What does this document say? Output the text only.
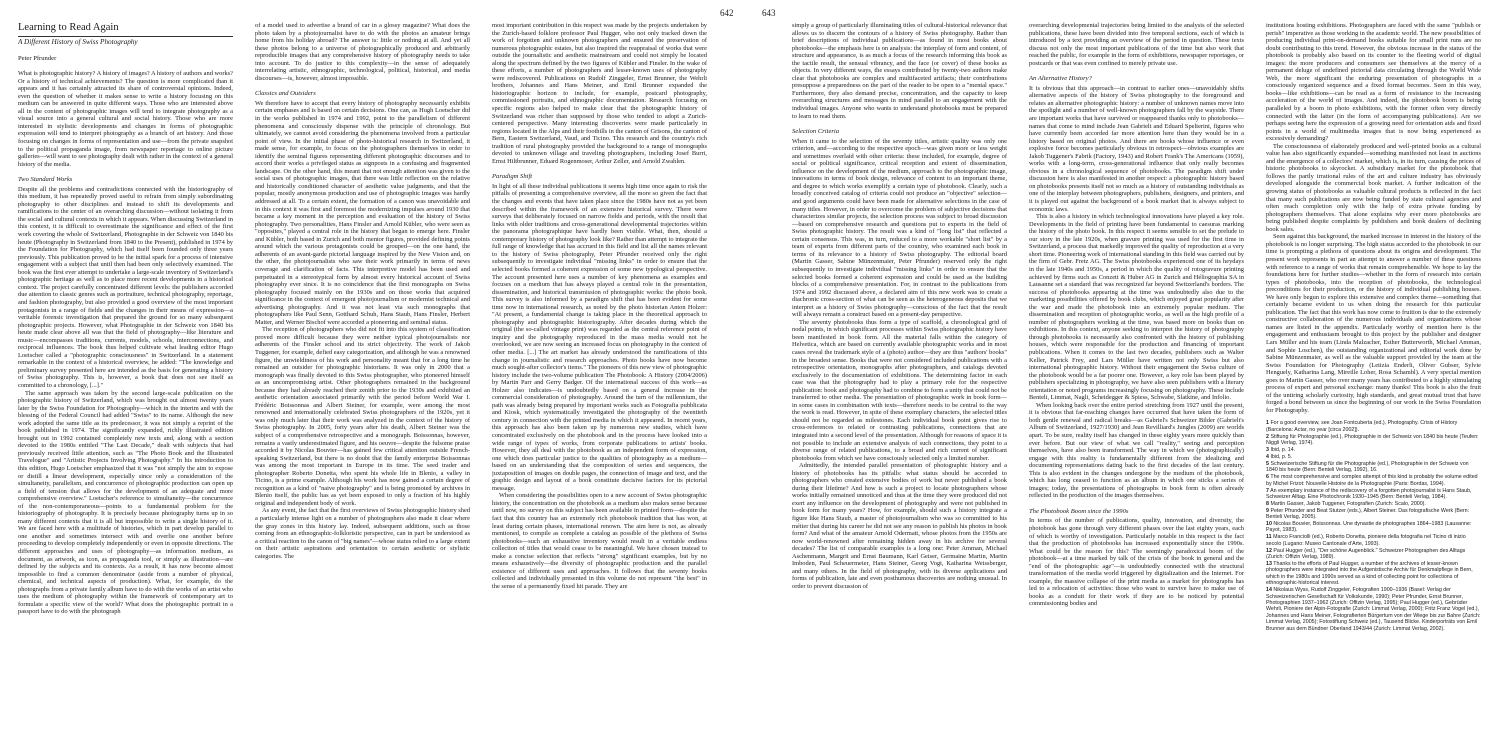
Learning to Read Again
A Different History of Swiss Photography
Peter Pfrunder

What is photographic history? A history of images? A history of authors and works? Or a history of technical achievements? The question is more complicated than it appears and it has certainly attracted its share of controversial opinions. Indeed, even the question of whether it makes sense to write a history focusing on this medium can be answered in quite different ways. Those who are interested above all in the content of photographic images will tend to integrate photography as a visual source into a general cultural and social history. Those who are more interested in stylistic developments and changes in forms of photographic expression will tend to interpret photography as a branch of art history. And those focusing on changes in forms of representation and use—from the private snapshot to the political propaganda image, from newspaper reportage to online picture galleries—will want to see photography dealt with rather in the context of a general history of the media.

Two Standard Works

Despite all the problems and contradictions connected with the historiography of this medium, it has repeatedly proved useful to refrain from simply subordinating photography to other disciplines and instead to shift its developments and ramifications to the center of an overarching discussion—without isolating it from the social and cultural contexts in which it appears. When discussing Switzerland in this context, it is difficult to overestimate the significance and effect of the first work covering the whole of Switzerland, Photographie in der Schweiz von 1840 bis heute (Photography in Switzerland from 1840 to the Present), published in 1974 by the Foundation for Photography, which had itself been founded only three years previously. This publication proved to be the initial spark for a process of intensive engagement with a subject that until then had been only selectively examined. The book was the first ever attempt to undertake a large-scale inventory of Switzerland's photographic heritage as well as to place more recent developments in a historical context. The project carefully concentrated different levels: the publishers accorded due attention to classic genres such as portraiture, technical photography, reportage, and fashion photography, but also provided a good overview of the most important protagonists in a range of fields and the changes in their means of expression—a veritable forensic investigation that prepared the ground for so many subsequent photographic projects. However, what Photographie in der Schweiz von 1840 bis heute made clear above all was that the field of photography—like literature and music—encompasses traditions, currents, models, schools, interconnections, and reciprocal influences. The book thus helped cultivate what leading editor Hugo Loetscher called a "photographic consciousness" in Switzerland. In a statement remarkable in the context of a historical overview, he added: "The knowledge and preliminary survey presented here are intended as the basis for generating a history of Swiss photography. This is, however, a book that does not see itself as committed to a chronology, [...]."

The same approach was taken by the second large-scale publication on the photographic history of Switzerland, which was brought out almost twenty years later by the Swiss Foundation for Photography—which in the interim and with the blessing of the Federal Council had added "Swiss" to its name. Although the new work adopted the same title as its predecessor, it was not simply a reprint of the book published in 1974. The significantly expanded, richly illustrated edition brought out in 1992 contained completely new texts and, along with a section devoted to the 1980s entitled "The Last Decade," dealt with subjects that had previously received little attention, such as "The Photo Book and the Illustrated Travelogue" and "Artistic Projects Involving Photography." In his introduction to this edition, Hugo Loetscher emphasized that it was "not simply the aim to expose or distill a linear development, especially since only a consideration of the simultaneity, parallelism, and concurrence of photographic production can open up a field of tension that allows for the development of an adequate and more comprehensive overview." Loetscher's reference to simultaneity—the concurrence of the non-contemporaneous—points to a fundamental problem for the historiography of photography. It is precisely because photography turns up in so many different contexts that it is all but impossible to write a single history of it. We are faced here with a multitude of histories, which in part develop parallel to one another and sometimes intersect with and overlie one another before proceeding to develop completely independently or even in opposite directions. The different approaches and uses of photography—as information medium, as document, as artwork, as icon, as propaganda tool, or simply as illustration—are defined by the subjects and its contexts. As a result, it has now become almost impossible to find a common denominator (aside from a number of physical, chemical, and technical aspects of production). What, for example, do the photographs from a private family album have to do with the works of an artist who uses the medium of photography within the framework of contemporary art to formulate a specific view of the world? What does the photographic portrait in a passport have to do with the photograph

of a model used to advertise a brand of car in a glossy magazine? What does the photo taken by a photojournalist have to do with the photos an amateur brings home from his holiday abroad? The answer is: little or nothing at all. And yet all these photos belong to a universe of photographically produced and arbitrarily reproducible images that any comprehensive history of photography needs to take into account. To do justice to this complexity—in the sense of adequately interrelating artistic, ethnographic, technological, political, historical, and media discourses—is, however, almost impossible.

Classics and Outsiders

We therefore have to accept that every history of photography necessarily exhibits certain emphases and is based on certain decisions. One can, as Hugh Loetscher did in the works published in 1974 and 1992, point to the parallelism of different phenomena and consciously dispense with the principle of chronology. But ultimately, we cannot avoid considering the phenomena involved from a particular point of view. In the initial phase of photo-historical research in Switzerland, it made sense, for example, to focus on the photographers themselves in order to identify the seminal figures representing different photographic discourses and to accord their works a privileged status as signposts in a confusing and fragmented landscape. On the other hand, this meant that not enough attention was given to the social uses of photographic images, that there was little reflection on the relative and historically conditioned character of aesthetic value judgments, and that the popular, mostly anonymous production and use of photographic images was hardly addressed at all. To a certain extent, the formation of a canon was unavoidable and in this context it was first and foremost the modernizing impulses around 1930 that became a key moment in the perception and evaluation of the history of Swiss photography. Two personalities, Hans Finsler and Arnold Kübler, who were seen as "opposites," played a central role in the history that began to emerge here. Finsler and Kübler, both based in Zurich and both mentor figures, provided defining points around which the various protagonists could be grouped—on the one hand, the adherents of an avant-garde pictorial language inspired by the New Vision and, on the other, the photojournalists who saw their work primarily in terms of news coverage and clarification of facts. This interpretive model has been used and perpetuated in a stereotypical form by almost every historical account of Swiss photography ever since. It is no coincidence that the first monographs on Swiss photography focused mainly on the 1930s and on those works that acquired significance in the context of emergent photojournalism or modernist technical and advertising photography. And it was not least via such monographs that photographers like Paul Senn, Gotthard Schuh, Hans Staub, Hans Finsler, Herbert Matter, and Werner Bischof were accorded a pioneering and seminal status.

The reception of photographers who did not fit into this system of classification proved more difficult because they were neither typical photojournalists nor adherents of the Finsler school and its strict objectivity. The work of Jakob Tuggener, for example, defied easy categorization, and although he was a renowned figure, the unwieldiness of his work and personality meant that for a long time he remained an outsider for photographic historians. It was only in 2000 that a monograph was finally devoted to this Swiss photographer, who pioneered himself as an uncompromising artist. Other photographers remained in the background because they had already reached their zenith prior to the 1930s and exhibited an aesthetic orientation associated primarily with the period before World War I. Frédéric Boissonnas and Albert Steiner, for example, were among the most renowned and internationally celebrated Swiss photographers of the 1920s, yet it was only much later that their work was analyzed in the context of the history of Swiss photography. In 2005, forty years after his death, Albert Steiner was the subject of a comprehensive retrospective and a monograph. Boissonnas, however, remains a vastly underestimated figure, and his oeuvre—despite the fulsome praise accorded it by Nicolas Bouvier—has gained few critical attention outside French-speaking Switzerland, but there is no doubt that the family enterprise Boissonnas was among the most important in Europe in its time. The seed trader and photographer Roberto Donetta, who spent his whole life in Blenio, a valley in Ticino, is a prime example. Although his work has now gained a certain degree of recognition as a kind of "naive photography" and is being promoted by archives in Blenio itself, the public has as yet been exposed to only a fraction of his highly original and independent body of work.

As any event, the fact that the first overviews of Swiss photographic history shed a particularly intense light on a number of photographers also made it clear where the gray zones in this history lay. Indeed, subsequent additions, such as those coming from an ethnographic-folkloristic perspective, can in part be understood as a critical reaction to the canon of "big names"—whose status relied to a large extent on their artistic aspirations and orientation to certain aesthetic or stylistic categories. The

most important contribution in this respect was made by the projects undertaken by the Zurich-based folklore professor Paul Hugger, who not only tracked down the work of forgotten and unknown photographers and ensured the preservation of numerous photographic estates, but also inspired the reappraisal of works that were outside the journalistic and aesthetic mainstream and could not simply be located along the spectrum defined by the two figures of Kübler and Finsler. In the wake of these efforts, a number of photographers and lesser-known uses of photography were rediscovered. Publications on Rudolf Zinggeler, Ernst Brunner, the Wehrli brothers, Johannes and Hans Meiner, and Emil Brunner expanded the historiographic horizon to include, for example, postcard photography, commissioned portraits, and ethnographic documentation. Research focusing on specific regions also helped to make clear that the photographic history of Switzerland was richer than supposed by those who tended to adopt a Zurich-centered perspective. Many interesting discoveries were made particularly in regions located in the Alps and their foothills in the canton of Grisons, the canton of Bern, Eastern Switzerland, Vaud, and Ticino. This research and the country's rich tradition of rural photography provided the background to a range of monographs devoted to unknown village and traveling photographers, including Josef Burri, Ernst Hiltbrunner, Eduard Rogenmoser, Arthur Zeller, and Arnold Zwahlen.

Paradigm Shift

In light of all these individual publications it seems high time once again to risk the pitfalls of presenting a comprehensive overview, all the more so given the fact that the changes and events that have taken place since the 1980s have not as yet been described within the framework of an extensive historical survey. There were surveys that deliberately focused on narrow fields and periods, with the result that links with older traditions and cross-generational developmental trajectories within the panorama photographique have hardly been visible. What, then, should a contemporary history of photography look like? Rather than attempt to integrate the full range of knowledge that has accrued in this field and list all the names relevant to the history of Swiss photography, Peter Pfrunder received only the right subsequently to investigate individual "missing links" in order to ensure that the selected books formed a coherent expression of some new typological perspective. The account presented here uses a number of key phenomena as examples and focuses on a medium that has always played a central role in the presentation, dissemination, and historical transmission of photographic works: the photo book. This survey is also informed by a paradigm shift that has been evident for some time now in international research, as noted by the photo historian Anton Holzer: "At present, a fundamental change is taking place in the theoretical approach to photography and photographic historiography. After decades during which the original (the so-called vintage print) was regarded as the central reference point of inquiry and the photography reproduced in the mass media would not be overlooked, we are now seeing an increased focus on photography in the context of other media. [...] The art market has already understood the ramifications of this change in journalistic and research approaches. Photo books have now become much sought-after collector's items." The pioneers of this new view of photographic history include the two-volume publication The Photobook: A History (2004/2006) by Martin Parr and Gerry Badger. Of the international success of this work—as Holzer also indicates—is undoubtedly based on a general increase in the commercial consideration of photography. Around the turn of the millennium, the path was already being prepared by important works such as Fotografia pubblicata and Kiosk, which systematically investigated the photography of the twentieth century in connection with the printed media in which it appeared. In recent years, this approach has also been taken up by numerous new studies, which have concentrated exclusively on the photobook and in the process have looked into a wide range of types of works, from corporate publications to artists' books. However, they all deal with the photobook as an independent form of expression, one which does particular justice to the qualities of photography as a medium—based on an understanding that the composition of series and sequences, the juxtaposition of images on double pages, the connection of image and text, and the graphic design and layout of a book constitute decisive factors for its pictorial message.

When considering the possibilities open to a new account of Swiss photographic history, the concentration on the photobook as a medium also makes sense because until now, no survey on this subject has been available in printed form—despite the fact that this country has an extremely rich photobook tradition that has won, at least during certain phases, international renown. The aim here is not, as already mentioned, to compile as complete a catalog as possible of the plethora of Swiss photobooks—such an exhaustive inventory would result in a veritable endless collection of titles that would cease to be meaningful. We have chosen instead to make a concise selection that reflects "strong" significant examples, but by no means exhaustively—the diversity of photographic production and the parallel existence of different uses and approaches. It follows that the seventy books collected and individually presented in this volume do not represent "the best" in the sense of a permanently fixed hit parade. They are

642	643

simply a group of particularly illuminating titles of cultural-historical relevance that allows us to discern the contours of a history of Swiss photography. Rather than brief descriptions of individual publications—as found in most books about photobooks—the emphasis here is on analysis: the interplay of form and content, of structure and appearance, is as much a focus of the research informing this book as the tactile result, the sensual vibrancy, and the face (or cover) of these books as objects. In very different ways, the essays contributed by twenty-two authors make clear that photobooks are complex and multifaceted artifacts; their contributions presuppose a preparedness on the part of the reader to be open to a "mental space." Furthermore, they also demand precise, concentration, and the capacity to keep overarching structures and messages in mind parallel to an engagement with the individual images. Anyone who wants to understand photobooks must be prepared to learn to read them.

Selection Criteria

When it came to the selection of the seventy titles, artistic quality was only one criterion, and—according to the respective epoch—was given more or less weight and sometimes overlaid with other criteria: these included, for example, degree of social or political significance, critical reception and extent of dissemination, influence on the development of the medium, approach to the photographic image, innovations in terms of book design, relevance of content to an important theme, and degree to which works exemplify a certain type of photobook. Clearly, such a broadly conceived catalog of criteria could not produce an "objective" selection—and good arguments could have been made for alternative selections in the case of many titles. However, in order to overcome the problem of subjective decisions that characterizes similar projects, the selection process was subject to broad discussion—based on comprehensive research and questions put to experts in the field of Swiss photographic history. The result was a kind of "long list" that reflected a certain consensus. This was, in turn, reduced to a more workable "short list" by a team of experts from different parts of the country, who examined each book in terms of its relevance to a history of Swiss photography. The editorial board (Martin Gasser, Sabine Münzenmaier, Peter Pfrunder) reserved only the right subsequently to investigate individual "missing links" in order to ensure that the selected books formed a coherent expression and could be used as the building blocks of a comprehensive presentation. For, in contrast to the publications from 1974 and 1992 discussed above, a declared aim of this new work was to create a diachronic cross-section of what can be seen as the heterogeneous deposits that we interpret as a history of Swiss photography—conscious of the fact that the result will always remain a construct based on a present-day perspective.

The seventy photobooks thus form a type of scaffold, a chronological grid of nodal points, in which significant processes within Swiss photographic history have been manifested in book form. All the material falls within the category of Helvetica, which are based on currently available photographic works and in most cases reveal the trademark style of a (photo) author—they are thus "authors' books" in the broadest sense. Books that were not considered included publications with a retrospective orientation, monographs after photographers, and catalogs devoted exclusively to the documentation of exhibitions. The determining factor in each case was that the photography had to play a primary role for the respective publication: book and photography had to combine to form a unity that could not be transferred to other media. The presentation of photographic work in book form—in some cases in combination with texts—therefore needs to be central to the way the work is read. However, in spite of these exemplary characters, the selected titles should not be regarded as milestones. Each individual book point gives rise to cross-references to related or contrasting publications, connections that are integrated into a second level of the presentation. Although for reasons of space it is not possible to include an extensive analysis of such connections, they point to a diverse range of related publications, to a broad and rich current of significant photobooks from which we have consciously selected only a limited number.

Admittedly, the intended parallel presentation of photographic history and a history of photobooks has its pitfalls: what status should be accorded to photographers who created extensive bodies of work but never published a book during their lifetime? And how is such a project to locate photographers whose works initially remained unnoticed and thus at the time they were produced did not exert any influence on the development of photography and were not published in book form for many years? How, for example, should such a history integrate a figure like Hans Staub, a master of photojournalism who was so committed to his métier that during his career he did not see any reason to publish his photos in book form? And what of the amateur Arnold Odermatt, whose photos from the 1950s are now world-renowned after remaining hidden away in his archive for several decades? The list of comparable examples is a long one: Peter Amman, Michael Aschenmann, Margrit and Ernst Baumann, Karl Geiser, Germaine Martin, Martin Imboden, Paul Scheuermeier, Hans Steiner, Georg Vogt, Katharina Weissberger, and many others. In the field of photography, with its diverse applications and forms of publication, late and even posthumous discoveries are nothing unusual. In order to prevent discussion of

overarching developmental trajectories being limited to the analysis of the selected publications, these have been divided into five temporal sections, each of which is introduced by a text providing an overview of the period in question. These texts discuss not only the most important publications of the time but also work that reached the public, for example in the form of exhibitions, newspaper reportages, or postcards or that was even confined to merely private use.

An Alternative History?

It is obvious that this approach—in contrast to earlier ones—unavoidably shifts alternative aspects of the history of Swiss photography to the foreground and relates an alternative photographic history: a number of unknown names move into the spotlight and a number of well-known photographers fall by the wayside. There are important works that have survived or reappeared thanks only to photobooks—names that come to mind include Jean Gabrielt and Eduard Spelterini, figures who have currently been accorded far more attention here than they would be in a history based on original photos. And there are books whose influence or even explosive force becomes particularly obvious in retrospect—obvious examples are Jakob Tuggener's Fabrik (Factory, 1943) and Robert Frank's The Americans (1959), works with a long-term, cross-generational influence that only really becomes obvious in a chronological sequence of photobooks. The paradigm shift under discussion here is also manifested in another respect: a photographic history based on photobooks presents itself not so much as a history of outstanding individuals as one of the interplay between photographers, publishers, designers, and printers, and it is played out against the background of a book market that is always subject to economic laws.

This is also a history in which technological innovations have played a key role. Developments in the field of printing have been fundamental to caesuras marking the history of the photo book. In this respect it seems sensible to set the prelude to our story in the late 1920s, when gravure printing was used for the first time in Switzerland, a process that markedly improved the quality of reproduction at a very short time. Pioneering work of international standing in this field was carried out by the firm of Gebr. Fretz AG. The Swiss photobooks experienced one of its heydays in the late 1940s and 1950s, a period in which the quality of rotogravure printing achieved by firms such as Conzett & Huber AG in Zurich and Héliographia SA in Lausanne set a standard that was recognized far beyond Switzerland's borders. The success of photobooks appearing at the time was undoubtedly also due to the marketing possibilities offered by book clubs, which enjoyed great popularity after the war and made the photobook into an extremely popular medium. The dissemination and reception of photographic works, as well as the high profile of a number of photographers working at the time, was based more on books than on exhibitions. In this context, anyone seeking to interpret the history of photography through photobooks is necessarily also confronted with the history of publishing houses, which were responsible for the production and financing of important publications. When it comes to the last two decades, publishers such as Walter Keller, Patrick Frey, and Lars Müller have written not only Swiss but also international photographic history. Without their engagement the Swiss culture of the photobook would be a far poorer one. However, a key role has been played by publishers specializing in photography, we have also seen publishers with a literary orientation or noted programs increasingly focusing on photography. These include Benteli, Limmat, Nagli, Scheidegger & Spiess, Schwabe, Slatkine, and Infolio.

When looking back over the entire period stretching from 1927 until the present, it is obvious that far-reaching changes have occurred that have taken the form of both gentle renewal and radical breaks—as Gabriel's Schweizer Bilder (Gabrielt's Album of Switzerland, 1927/1930) and Jean Revilliard's Jungles (2009) are worlds apart. To be sure, reality itself has changed in these eighty years more quickly than ever before. But our view of what we call "reality," seeing and perception themselves, have also been transformed. The way in which we (photographically) engage with this reality is fundamentally different from the idealizing and documenting representations dating back to the first decades of the last century. This is also evident in the changes undergone by the medium of the photobook, which has long ceased to function as an album in which one sticks a series of images; today, the presentations of photographs in book form is often already reflected in the production of the images themselves.

The Photobook Boom since the 1990s

In terms of the number of publications, quality, innovation, and diversity, the photobook has gone through very different phases over the last eighty years, each of which is worthy of investigation. Particularly notable in this respect is the fact that the production of photobooks has increased exponentially since the 1990s. What could be the reason for this? The seemingly paradoxical boom of the photobook—at a time marked by talk of the crisis of the book in general and the "end of the photographic age"—is undoubtedly connected with the structural transformation of the media world triggered by digitalization and the Internet. For example, the massive collapse of the print media as a market for photographs has led to a relocation of activities: those who want to survive have to make use of books as a conduit for their work if they are to be noticed by potential commissioning bodies and

institutions hosting exhibitions. Photographers are faced with the same "publish or perish" imperative as those working in the academic world. The new possibilities of producing individual print-on-demand books suitable for small print runs are no doubt contributing to this trend. However, the obvious increase in the status of the photobook is probably also based on its counter to the fleeting world of digital images: the more producers and consumers see themselves at the mercy of a permanent deluge of undefined pictorial data circulating through the World Wide Web, the more significant the enduring presentation of photographs in a consciously organized sequence and a fixed format becomes. Seen in this way, books—like exhibitions—can be read as a form of resistance to the increasing acceleration of the world of images. And indeed, the photobook boom is being paralleled by a boom in photo exhibitions, with the former often very directly connected with the latter (in the form of accompanying publications). Are we perhaps seeing here the expression of a growing need for orientation aids and fixed points in a world of multimedia images that is now being experienced as excessively demanding?

The consciousness of elaborately produced and well-printed books as a cultural value has also significantly expanded—something manifested not least in auctions and the emergence of a collectors' market, which is, in its turn, causing the prices of historic photobooks to skyrocket. A subsidiary market for the photobook that follows the partly irrational rules of the art and culture industry has obviously developed alongside the commercial book market. A further indication of the growing status of photobooks as valuable cultural products is reflected in the fact that many such publications are now being funded by state cultural agencies and often reach completion only with the help of extra private funding by photographers themselves. That alone explains why ever more photobooks are being published despite complaints by publishers and book dealers of declining book sales.

Seen against this background, the marked increase in interest in the history of the photobook is no longer surprising. The high status accorded to the photobook in our time is prompting a plethora of questions about its origins and development. The present work represents in part an attempt to answer a number of these questions with reference to a range of works that remain comprehensible. We hope to lay the foundations here for further studies—whether in the form of research into certain types of photobooks, into the reception of photobooks, the technological preconditions for their production, or the history of individual publishing houses. We have only begun to explore this extensive and complex theme—something that certainly became evident to us when doing the research for this particular publication. The fact that this work has now come to fruition is due to the extremely constructive collaboration of the numerous individuals and organizations whose names are listed in the appendix. Particularly worthy of mention here is the engagement and enthusiasm brought to this project by the publisher and designer Lars Müller and his team (Linda Malzacher, Esther Butterworth, Michael Amman, and Sophie Loschen), the outstanding organizational and editorial work done by Sabine Münzenmaier, as well as the valuable support provided by the team at the Swiss Foundation for Photography (Letizia Enderli, Oliver Gubser, Sylvie Henguely, Katharina Lang, Mireille Loher, Rosa Schambl). A very special mention goes to Martin Gasser, who over many years has contributed to a highly stimulating process of expert and personal exchange: many thanks! This book is also the fruit of the untiring scholarly curiosity, high standards, and great mutual trust that have forged a bond between us since the beginning of our work in the Swiss Foundation for Photography.

1 For a good overview, see Joan Fontcuberta (ed.), Photography. Crisis of History (Barcelona: Actar, no year [circa 2002]).
2 Stiftung für Photographie (ed.), Photographie in der Schweiz von 1840 bis heute (Teufen: Niggli Verlag, 1974).
3 Ibid, p. 14.
4 Ibid, p. 5.
5 Schweizerische Stiftung für die Photographie (ed.), Photographie in der Schweiz von 1840 bis heute (Bern: Benteli Verlag, 1992), 16.
6 The most comprehensive and complex attempt of this kind is probably the volume edited by Michel Frizot: Nouvelle Histoire de la Photographie (Paris: Bordas, 1994).
7 An exemplary instance of the rediscovery of a forgotten photojournalist is Hans Staub, Schweizer Alltag. Eine Photochronik 1930–1945 (Bern: Benteli Verlag, 1984).
8 Martin Gasser, Jakob Tuggener, Fotografien (Zurich: Scalo, 2000).
9 Peter Pfrunder and Beat Stutzer (eds.), Albert Steiner. Das fotografische Werk (Bern: Benteli Verlag, 2005).
10 Nicolas Bouvier, Boissonnas. Une dynastie de photographes 1864–1983 (Lausanne: Payot, 1983).
11 Marco Franciolli (ed.), Roberto Donetta, pioniere della fotografia nel Ticino di inizio secolo (Lugano: Museo Cantonale d'Arte, 1993).
12 Paul Hugger (ed.), "Der schöne Augenblick." Schweizer Photographen des Alltags (Zurich: Offizin Verlag, 1989).
13 Thanks to the efforts of Paul Hugger, a number of the archives of lesser-known photographers were integrated into the Aufgenistische Archiv für Denkmalpflege in Bern, which in the 1980s and 1990s served as a kind of collecting point for collections of ethnographic-historical interest.
14 Nikolaus Wyss, Rudolf Zinggeler, Fotografien 1900–1936 (Basel: Verlag der Schweizerischen Gesellschaft für Volkskunde, 1990); Peter Pfrunder, Ernst Brunner, Photographien 1937–1962 (Zurich: Offizin Verlag, 1995); Paul Hugger (ed.), Gebrüder Wehrli, Pioniere der Alpin-Fotografie (Zurich: Limmat Verlag, 2000); Fritz Franz Vogel (ed.), Johannes und Hans Meiner, Fotografierten Bürgertum von der Wiege bis zur Bahre (Zurich: Limmat Verlag, 2005); Fotostiftung Schweiz (ed.), Tausend Blicke. Kinderporträts von Emil Brunner aus dem Bündner Oberland 1943/44 (Zurich: Limmat Verlag, 2002).
